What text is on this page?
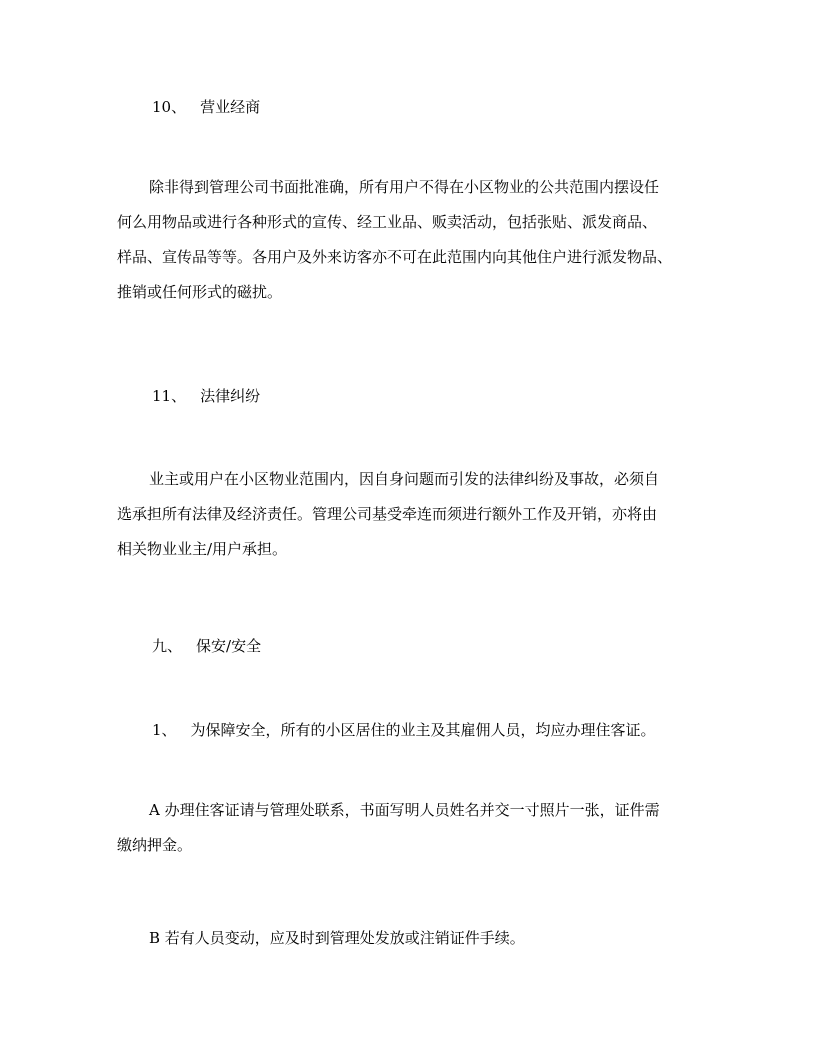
10、 营业经商
除非得到管理公司书面批准确，所有用户不得在小区物业的公共范围内摆设任
何么用物品或进行各种形式的宣传、经工业品、贩卖活动，包括张贴、派发商品、
样品、宣传品等等。各用户及外来访客亦不可在此范围内向其他住户进行派发物品、
推销或任何形式的磁扰。
11、 法律纠纷
业主或用户在小区物业范围内，因自身问题而引发的法律纠纷及事故，必须自
选承担所有法律及经济责任。管理公司基受牵连而须进行额外工作及开销，亦将由
相关物业业主/用户承担。
九、 保安/安全
1、 为保障安全，所有的小区居住的业主及其雇佣人员，均应办理住客证。
A 办理住客证请与管理处联系，书面写明人员姓名并交一寸照片一张，证件需
缴纳押金。
B 若有人员变动，应及时到管理处发放或注销证件手续。
